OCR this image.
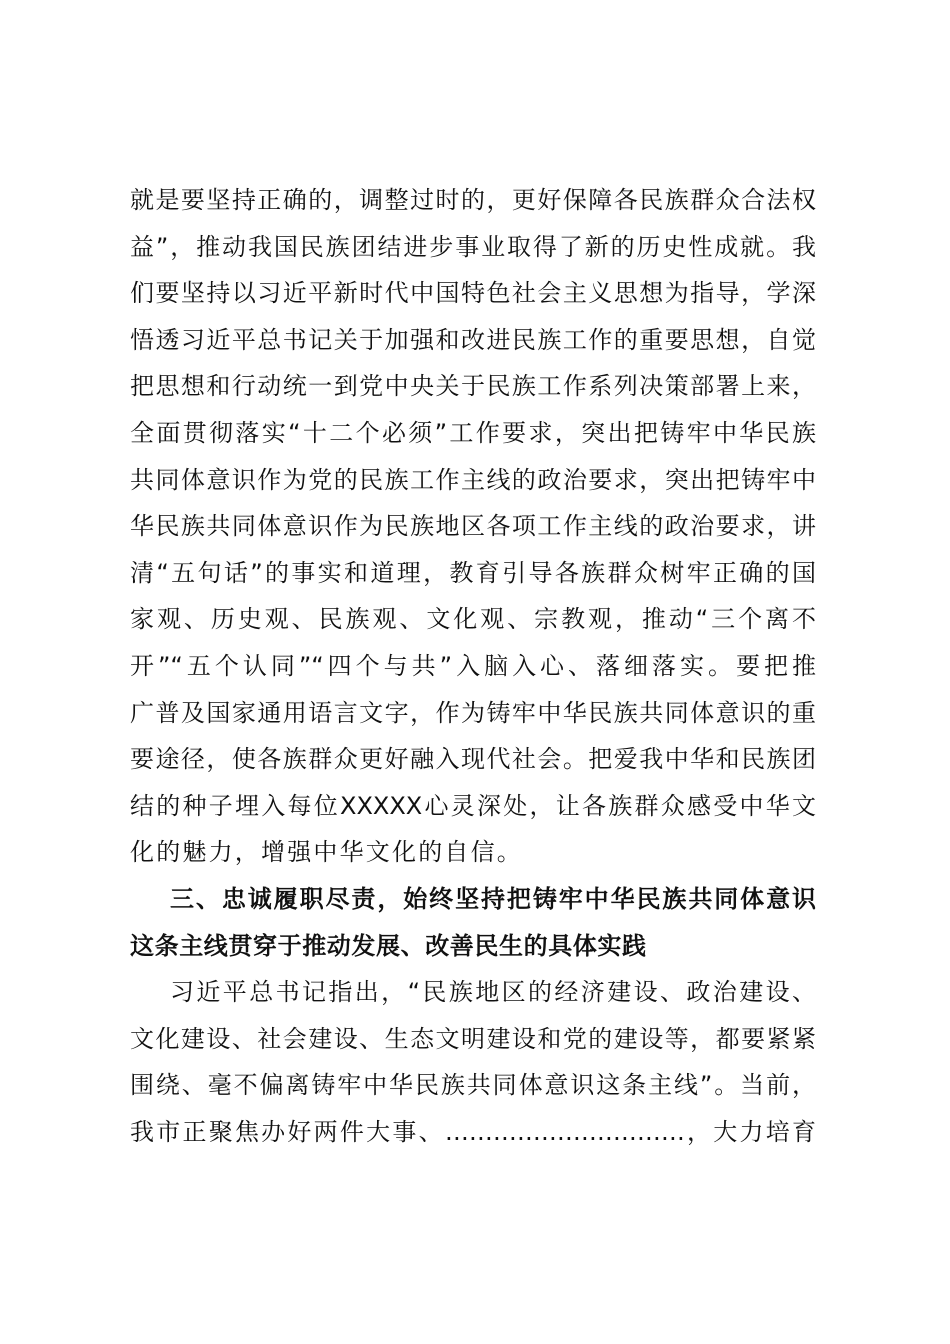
就是要坚持正确的，调整过时的，更好保障各民族群众合法权
益”，推动我国民族团结进步事业取得了新的历史性成就。我
们要坚持以习近平新时代中国特色社会主义思想为指导，学深
悟透习近平总书记关于加强和改进民族工作的重要思想，自觉
把思想和行动统一到党中央关于民族工作系列决策部署上来，
全面贯彻落实“十二个必须”工作要求，突出把铸牢中华民族
共同体意识作为党的民族工作主线的政治要求，突出把铸牢中
华民族共同体意识作为民族地区各项工作主线的政治要求，讲
清“五句话”的事实和道理，教育引导各族群众树牢正确的国
家观、历史观、民族观、文化观、宗教观，推动“三个离不
开”“五个认同”“四个与共”入脑入心、落细落实。要把推
广普及国家通用语言文字，作为铸牢中华民族共同体意识的重
要途径，使各族群众更好融入现代社会。把爱我中华和民族团
结的种子埋入每位XXXXX心灵深处，让各族群众感受中华文
化的魅力，增强中华文化的自信。
三、忠诚履职尽责，始终坚持把铸牢中华民族共同体意识
这条主线贯穿于推动发展、改善民生的具体实践
习近平总书记指出，“民族地区的经济建设、政治建设、
文化建设、社会建设、生态文明建设和党的建设等，都要紧紧
围绕、毫不偏离铸牢中华民族共同体意识这条主线”。当前，
我市正聚焦办好两件大事、…………………………，大力培育
